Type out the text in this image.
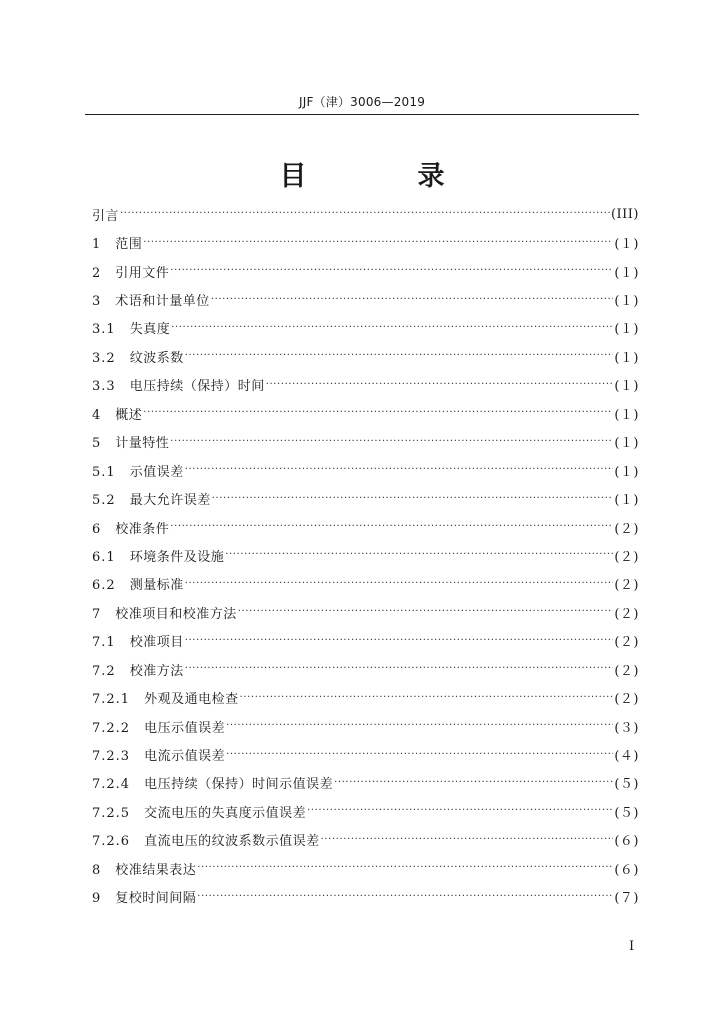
JJF（津）3006—2019
目　录
引言 ·····	(III)
1　 范围 ·····	(１)
2　 引用文件 ·····	(１)
3　 术语和计量单位 ·····	(１)
3.1　 失真度 ·····	(１)
3.2　 纹波系数 ·····	(１)
3.3　 电压持续（保持）时间 ·····	(１)
4　 概述 ·····	(１)
5　 计量特性 ·····	(１)
5.1　 示值误差 ·····	(１)
5.2　 最大允许误差 ·····	(１)
6　 校准条件 ·····	(２)
6.1　 环境条件及设施 ·····	(２)
6.2　 测量标准 ·····	(２)
7　 校准项目和校准方法 ·····	(２)
7.1　 校准项目 ·····	(２)
7.2　 校准方法 ·····	(２)
7.2.1　 外观及通电检查 ·····	(２)
7.2.2　 电压示值误差 ·····	(３)
7.2.3　 电流示值误差 ·····	(４)
7.2.4　 电压持续（保持）时间示值误差 ·····	(５)
7.2.5　 交流电压的失真度示值误差 ·····	(５)
7.2.6　 直流电压的纹波系数示值误差 ·····	(６)
8　 校准结果表达 ·····	(６)
9　 复校时间间隔 ·····	(７)
I
